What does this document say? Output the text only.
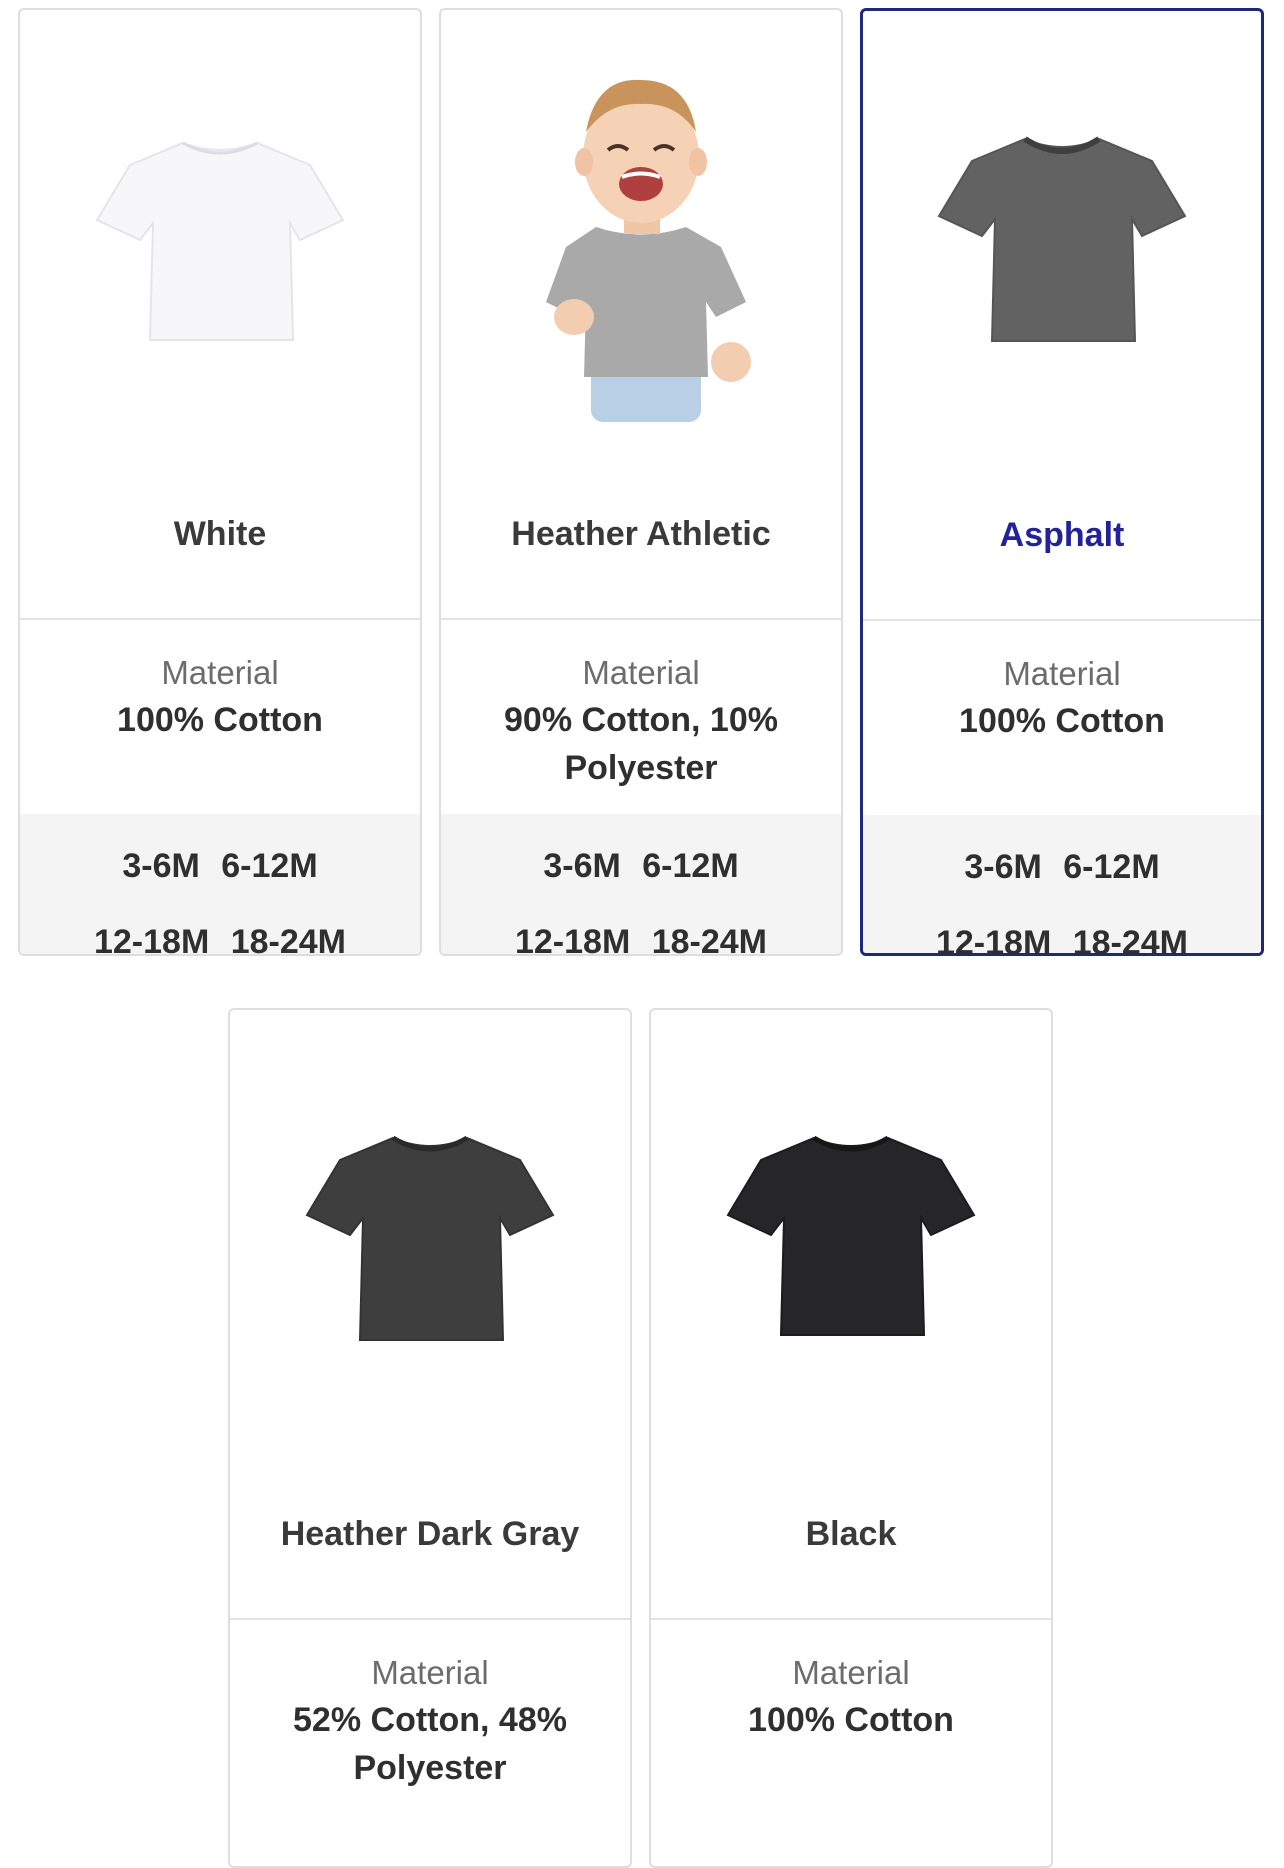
White
Material
100% Cotton
3-6M 6-12M
12-18M 18-24M
Heather Athletic
Material
90% Cotton, 10% Polyester
3-6M 6-12M
12-18M 18-24M
Asphalt
Material
100% Cotton
3-6M 6-12M
12-18M 18-24M
Heather Dark Gray
Material
52% Cotton, 48% Polyester
Black
Material
100% Cotton
